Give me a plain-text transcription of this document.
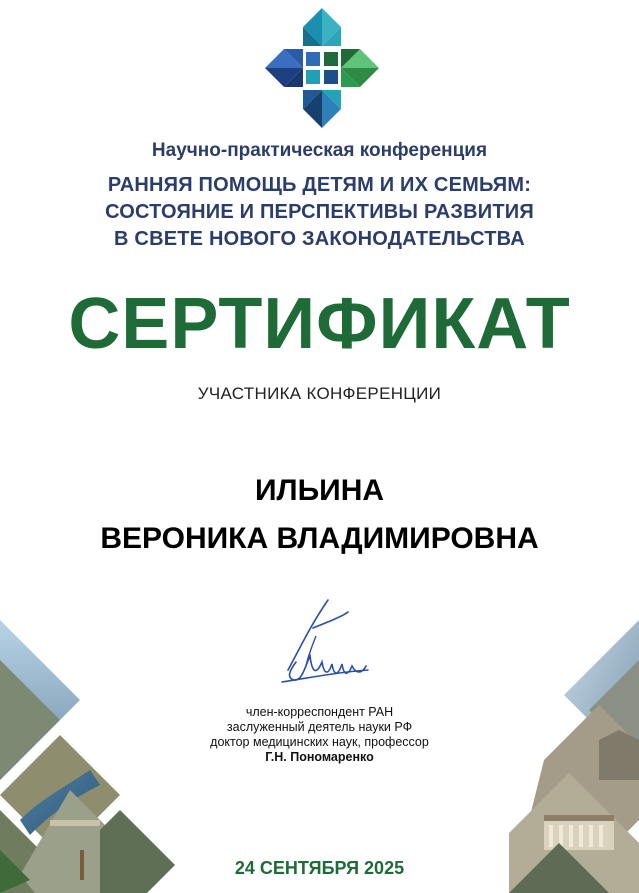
Научно-практическая конференция
РАННЯЯ ПОМОЩЬ ДЕТЯМ И ИХ СЕМЬЯМ:
СОСТОЯНИЕ И ПЕРСПЕКТИВЫ РАЗВИТИЯ
В СВЕТЕ НОВОГО ЗАКОНОДАТЕЛЬСТВА
СЕРТИФИКАТ
УЧАСТНИКА КОНФЕРЕНЦИИ
ИЛЬИНА
ВЕРОНИКА ВЛАДИМИРОВНА
член-корреспондент РАН
заслуженный деятель науки РФ
доктор медицинских наук, профессор
Г.Н. Пономаренко
24 СЕНТЯБРЯ 2025
